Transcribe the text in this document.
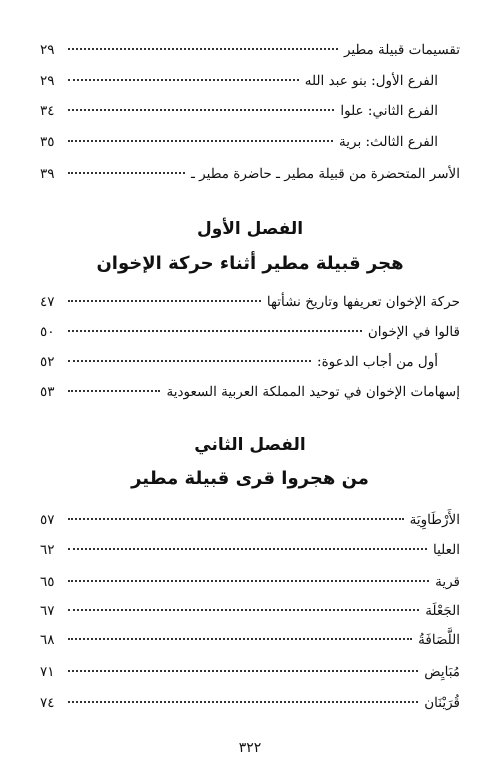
تقسيمات قبيلة مطير
٢٩
الفرع الأول: بنو عبد الله
٢٩
الفرع الثاني: علوا
٣٤
الفرع الثالث: برية
٣٥
الأسر المتحضرة من قبيلة مطير ـ حاضرة مطير ـ
٣٩
الفصل الأول
هجر قبيلة مطير أثناء حركة الإخوان
حركة الإخوان تعريفها وتاريخ نشأتها
٤٧
قالوا في الإخوان
٥٠
أول من أجاب الدعوة:
٥٢
إسهامات الإخوان في توحيد المملكة العربية السعودية
٥٣
الفصل الثاني
من هجروا قرى قبيلة مطير
الأَرْطَاوِيَة
٥٧
العليا
٦٢
قرية
٦٥
الجَعْلَة
٦٧
اللَّصَافَةُ
٦٨
مُبَايِض
٧١
قُرَيْنَان
٧٤
٣٢٢
